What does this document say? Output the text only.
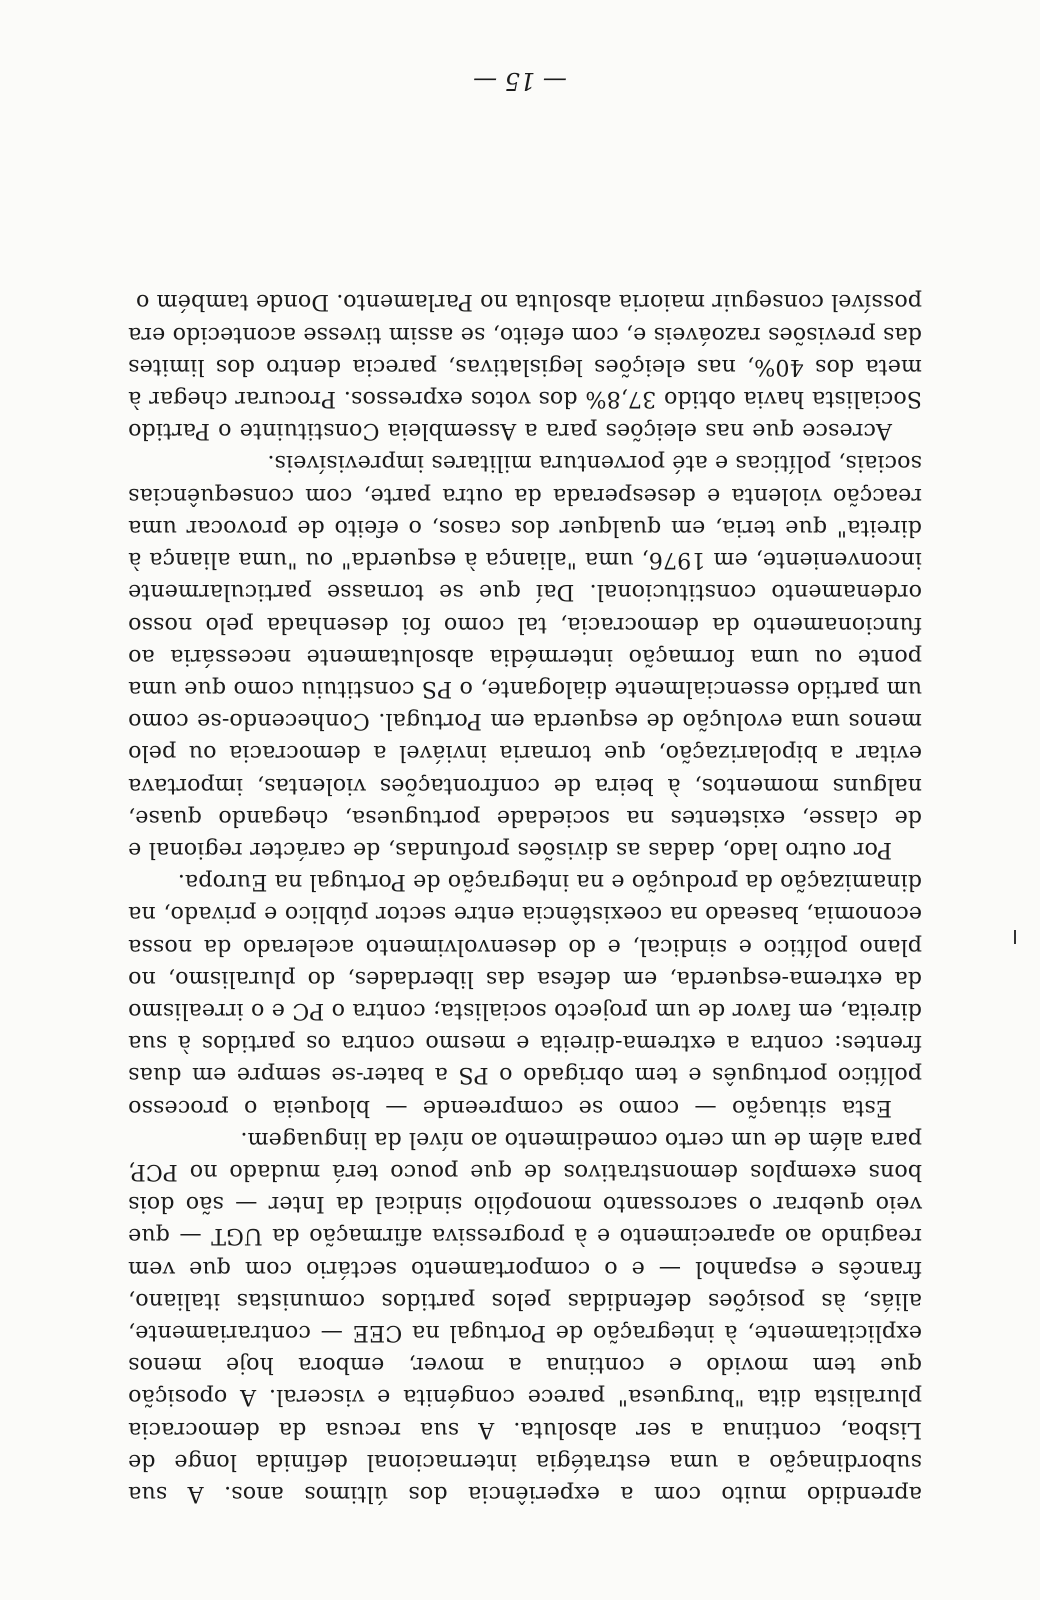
aprendido muito com a experiência dos últimos anos. A sua subordinação a uma estratégia internacional definida longe de Lisboa, continua a ser absoluta. A sua recusa da democracia pluralista dita "burguesa" parece congénita e visceral. A oposição que tem movido e continua a mover, embora hoje menos explicitamente, à integração de Portugal na CEE — contrariamente, aliás, às posições defendidas pelos partidos comunistas italiano, francês e espanhol — e o comportamento sectário com que vem reagindo ao aparecimento e à progressiva afirmação da UGT — que veio quebrar o sacrossanto monopólio sindical da Inter — são dois bons exemplos demonstrativos de que pouco terá mudado no PCP, para além de um certo comedimento ao nível da linguagem.

Esta situação — como se compreende — bloqueia o processo político português e tem obrigado o PS a bater-se sempre em duas frentes: contra a extrema-direita e mesmo contra os partidos à sua direita, em favor de um projecto socialista; contra o PC e o irrealismo da extrema-esquerda, em defesa das liberdades, do pluralismo, no plano político e sindical, e do desenvolvimento acelerado da nossa economia, baseado na coexistência entre sector público e privado, na dinamização da produção e na integração de Portugal na Europa.

Por outro lado, dadas as divisões profundas, de carácter regional e de classe, existentes na sociedade portuguesa, chegando quase, nalguns momentos, à beira de confrontações violentas, importava evitar a bipolarização, que tornaria inviável a democracia ou pelo menos uma evolução de esquerda em Portugal. Conhecendo-se como um partido essencialmente dialogante, o PS constituiu como que uma ponte ou uma formação intermédia absolutamente necessária ao funcionamento da democracia, tal como foi desenhada pelo nosso ordenamento constitucional. Daí que se tornasse particularmente inconveniente, em 1976, uma "aliança à esquerda" ou "uma aliança à direita" que teria, em qualquer dos casos, o efeito de provocar uma reacção violenta e desesperada da outra parte, com consequências sociais, políticas e até porventura militares imprevisíveis.

Acresce que nas eleições para a Assembleia Constituinte o Partido Socialista havia obtido 37,8% dos votos expressos. Procurar chegar à meta dos 40%, nas eleições legislativas, parecia dentro dos limites das previsões razoáveis e, com efeito, se assim tivesse acontecido era possível conseguir maioria absoluta no Parlamento. Donde também o

— 15 —
